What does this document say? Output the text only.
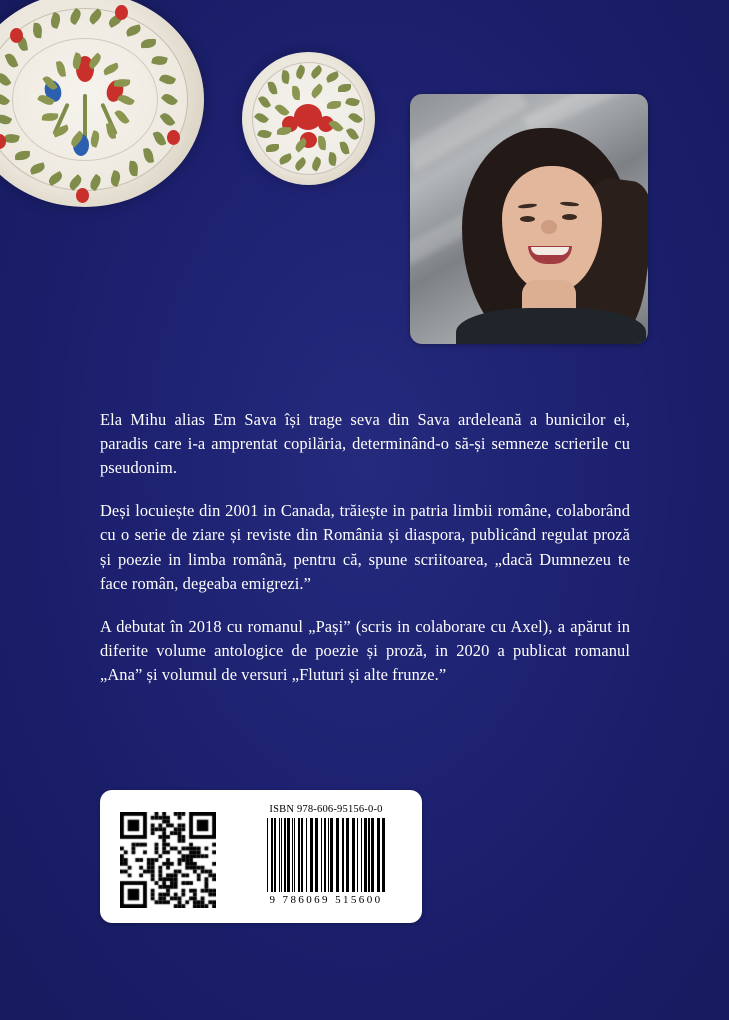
Ela Mihu alias Em Sava își trage seva din Sava ardeleană a bunicilor ei, paradis care i-a amprentat copilăria, determinând-o să-și semneze scrierile cu pseudonim.

Deși locuiește din 2001 in Canada, trăiește in patria limbii române, colaborând cu o serie de ziare și reviste din România și diaspora, publicând regulat proză și poezie in limba română, pentru că, spune scriitoarea, „dacă Dumnezeu te face român, degeaba emigrezi.”

A debutat în 2018 cu romanul „Pași” (scris in colaborare cu Axel), a apărut in diferite volume antologice de poezie și proză, in 2020 a publicat romanul „Ana” și volumul de versuri „Fluturi și alte frunze.”

ISBN 978-606-95156-0-0
9 786069 515600
